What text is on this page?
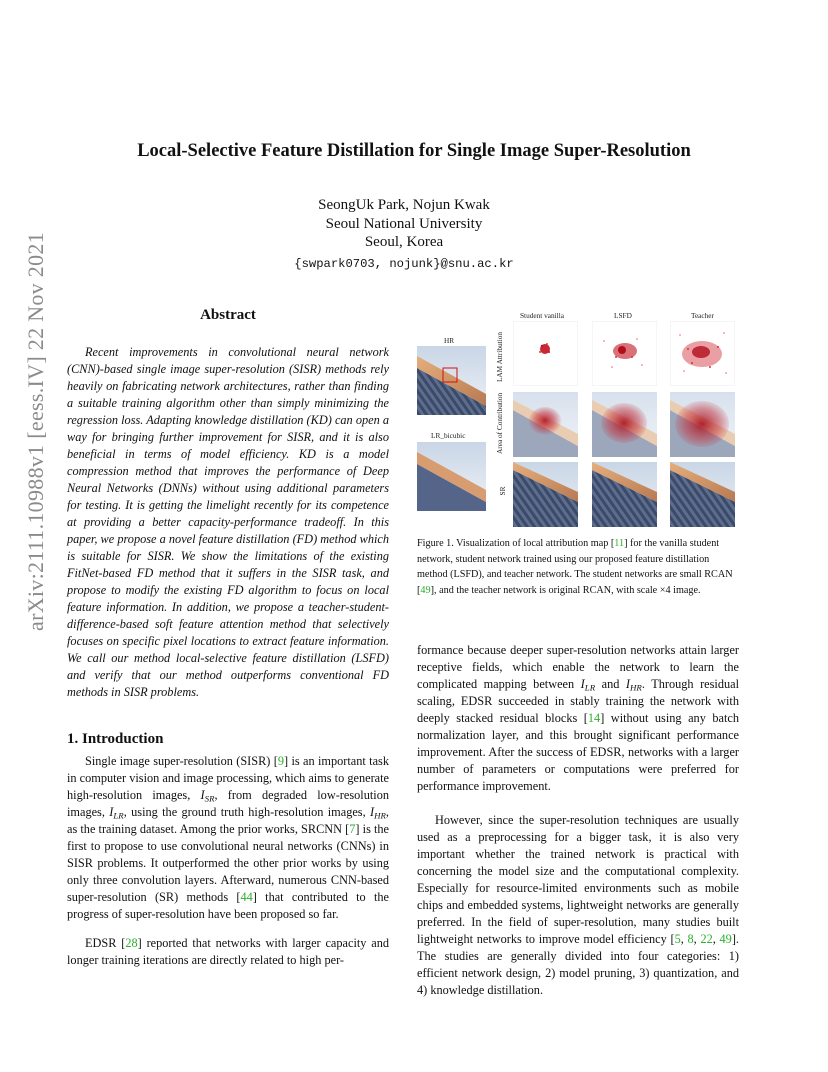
arXiv:2111.10988v1 [eess.IV] 22 Nov 2021
Local-Selective Feature Distillation for Single Image Super-Resolution
SeongUk Park, Nojun Kwak
Seoul National University
Seoul, Korea
{swpark0703, nojunk}@snu.ac.kr
Abstract
Recent improvements in convolutional neural network (CNN)-based single image super-resolution (SISR) methods rely heavily on fabricating network architectures, rather than finding a suitable training algorithm other than simply minimizing the regression loss. Adapting knowledge distillation (KD) can open a way for bringing further improvement for SISR, and it is also beneficial in terms of model efficiency. KD is a model compression method that improves the performance of Deep Neural Networks (DNNs) without using additional parameters for testing. It is getting the limelight recently for its competence at providing a better capacity-performance tradeoff. In this paper, we propose a novel feature distillation (FD) method which is suitable for SISR. We show the limitations of the existing FitNet-based FD method that it suffers in the SISR task, and propose to modify the existing FD algorithm to focus on local feature information. In addition, we propose a teacher-student-difference-based soft feature attention method that selectively focuses on specific pixel locations to extract feature information. We call our method local-selective feature distillation (LSFD) and verify that our method outperforms conventional FD methods in SISR problems.
1. Introduction
Single image super-resolution (SISR) [9] is an important task in computer vision and image processing, which aims to generate high-resolution images, $I_{SR}$, from degraded low-resolution images, $I_{LR}$, using the ground truth high-resolution images, $I_{HR}$, as the training dataset. Among the prior works, SRCNN [7] is the first to propose to use convolutional neural networks (CNNs) in SISR problems. It outperformed the other prior works by using only three convolution layers. Afterward, numerous CNN-based super-resolution (SR) methods [44] that contributed to the progress of super-resolution have been proposed so far.
EDSR [28] reported that networks with larger capacity and longer training iterations are directly related to high per-
Student vanilla	LSFD	Teacher
HR
LR_bicubic
LAM Attribution
Area of Contribution
SR
Figure 1. Visualization of local attribution map [11] for the vanilla student network, student network trained using our proposed feature distillation method (LSFD), and teacher network. The student networks are small RCAN [49], and the teacher network is original RCAN, with scale ×4 image.
formance because deeper super-resolution networks attain larger receptive fields, which enable the network to learn the complicated mapping between $I_{LR}$ and $I_{HR}$. Through residual scaling, EDSR succeeded in stably training the network with deeply stacked residual blocks [14] without using any batch normalization layer, and this brought significant performance improvement. After the success of EDSR, networks with a larger number of parameters or computations were preferred for performance improvement.
However, since the super-resolution techniques are usually used as a preprocessing for a bigger task, it is also very important whether the trained network is practical with concerning the model size and the computational complexity. Especially for resource-limited environments such as mobile chips and embedded systems, lightweight networks are generally preferred. In the field of super-resolution, many studies built lightweight networks to improve model efficiency [5, 8, 22, 49]. The studies are generally divided into four categories: 1) efficient network design, 2) model pruning, 3) quantization, and 4) knowledge distillation.
